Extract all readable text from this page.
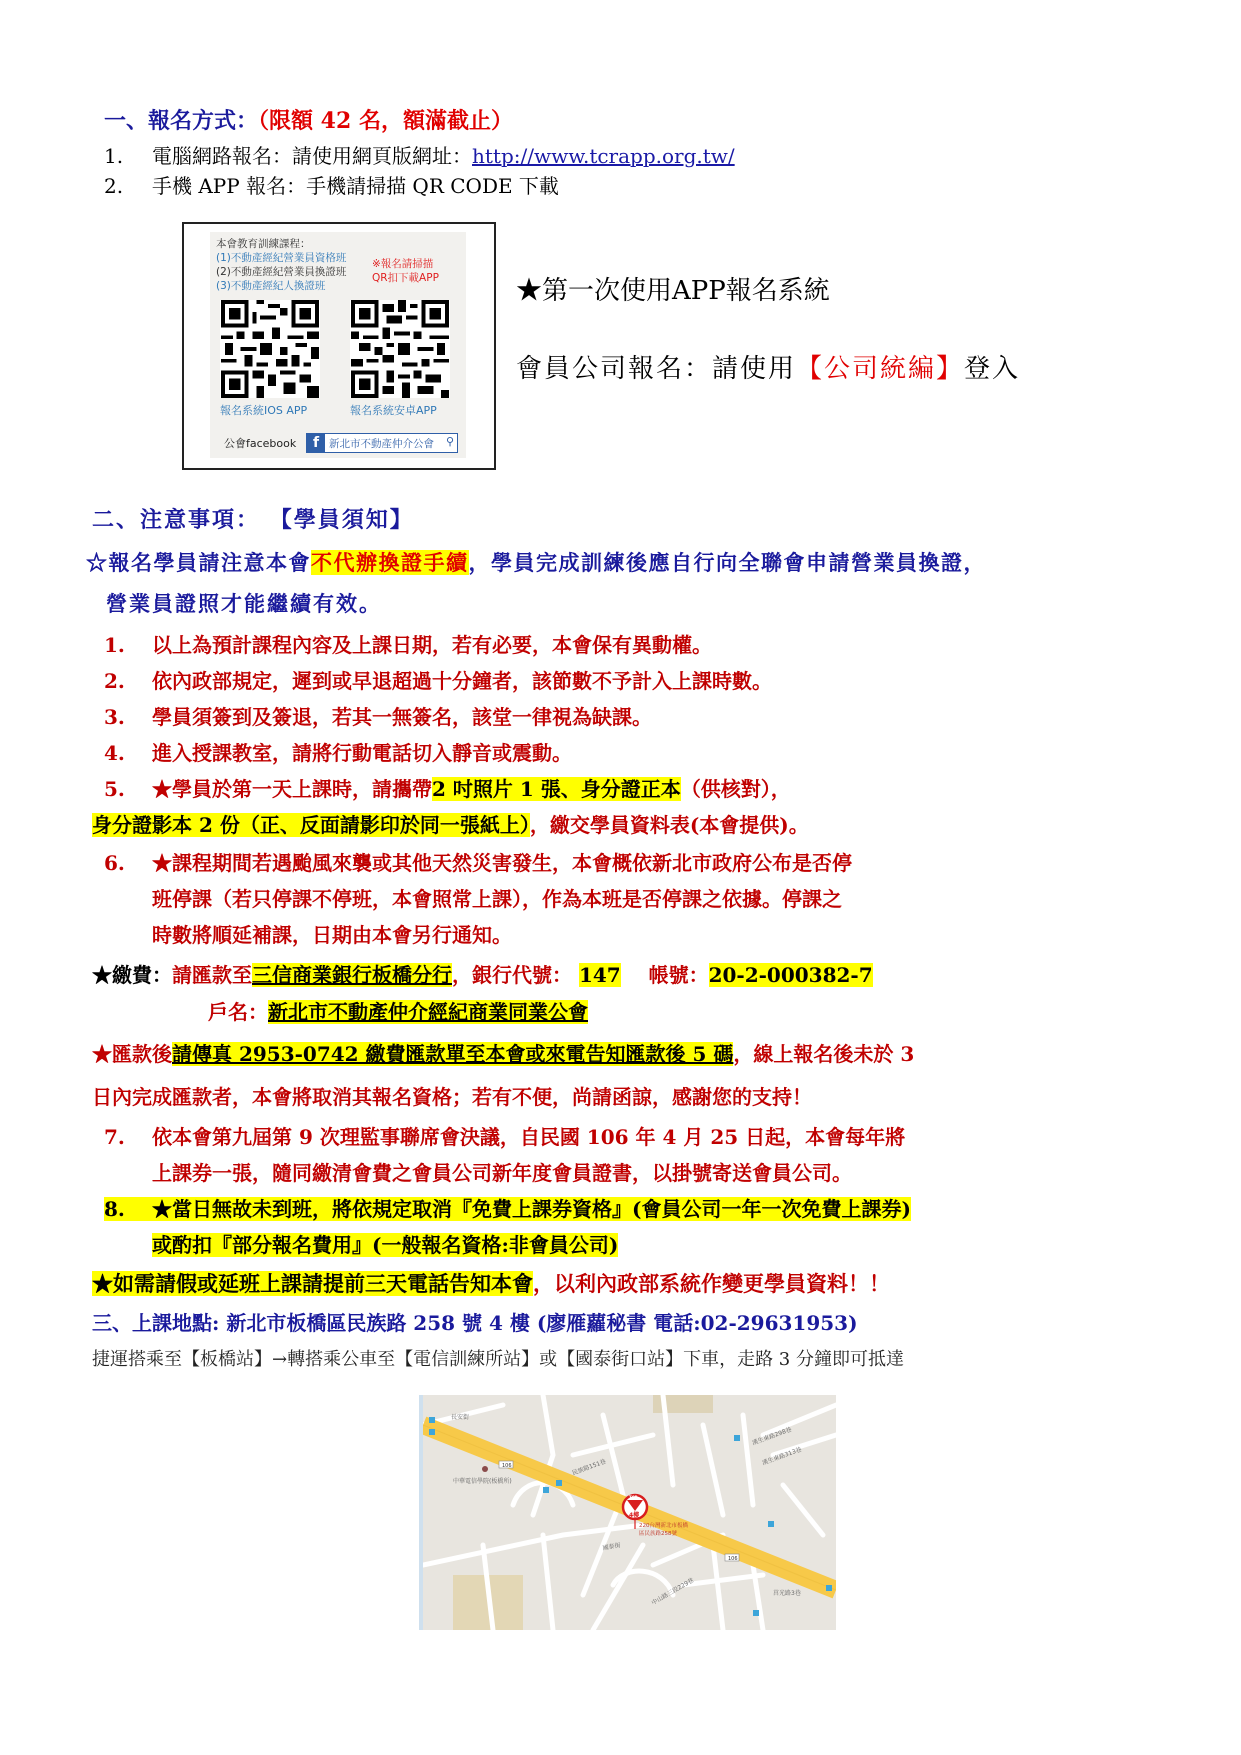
一、報名方式：（限額 42 名，額滿截止）
1. 電腦網路報名：請使用網頁版網址：http://www.tcrapp.org.tw/
2. 手機 APP 報名：手機請掃描 QR CODE 下載
本會教育訓練課程：
(1)不動產經紀營業員資格班
(2)不動產經紀營業員換證班
(3)不動產經紀人換證班
※報名請掃描
QR扣下載APP
報名系統IOS APP	報名系統安卓APP
公會facebook	f 新北市不動產仲介公會 ⚲
★第一次使用APP報名系統
會員公司報名：請使用【公司統編】登入
二、注意事項： 【學員須知】
☆報名學員請注意本會不代辦換證手續，學員完成訓練後應自行向全聯會申請營業員換證，
營業員證照才能繼續有效。
1. 以上為預計課程內容及上課日期，若有必要，本會保有異動權。
2. 依內政部規定，遲到或早退超過十分鐘者，該節數不予計入上課時數。
3. 學員須簽到及簽退，若其一無簽名，該堂一律視為缺課。
4. 進入授課教室，請將行動電話切入靜音或震動。
5. ★學員於第一天上課時，請攜帶2 吋照片 1 張、身分證正本（供核對），
身分證影本 2 份（正、反面請影印於同一張紙上），繳交學員資料表(本會提供)。
6. ★課程期間若遇颱風來襲或其他天然災害發生，本會概依新北市政府公布是否停
班停課（若只停課不停班，本會照常上課），作為本班是否停課之依據。停課之
時數將順延補課，日期由本會另行通知。
★繳費：請匯款至三信商業銀行板橋分行，銀行代號： 147 帳號：20-2-000382-7
戶名：新北市不動產仲介經紀商業同業公會
★匯款後請傳真 2953-0742 繳費匯款單至本會或來電告知匯款後 5 碼，線上報名後未於 3
日內完成匯款者，本會將取消其報名資格；若有不便，尚請函諒，感謝您的支持！
7. 依本會第九屆第 9 次理監事聯席會決議，自民國 106 年 4 月 25 日起，本會每年將
上課券一張，隨同繳清會費之會員公司新年度會員證書，以掛號寄送會員公司。
8. ★當日無故未到班，將依規定取消『免費上課券資格』(會員公司一年一次免費上課券)
或酌扣『部分報名費用』(一般報名資格:非會員公司)
★如需請假或延班上課請提前三天電話告知本會，以利內政部系統作變更學員資料！！
三、上課地點: 新北市板橋區民族路 258 號 4 樓 (廖雁蘿秘書 電話:02-29631953)
捷運搭乘至【板橋站】→轉搭乘公車至【電信訓練所站】或【國泰街口站】下車，走路 3 分鐘即可抵達
106
106
中華電信學院(板橋所)
長安街
民族路151巷
漢生東路298巷
漢生東路313巷
國泰街
中山路三段229巷	莒光路3巷
TCR
4樓
220台灣新北市板橋
區民族路258號
